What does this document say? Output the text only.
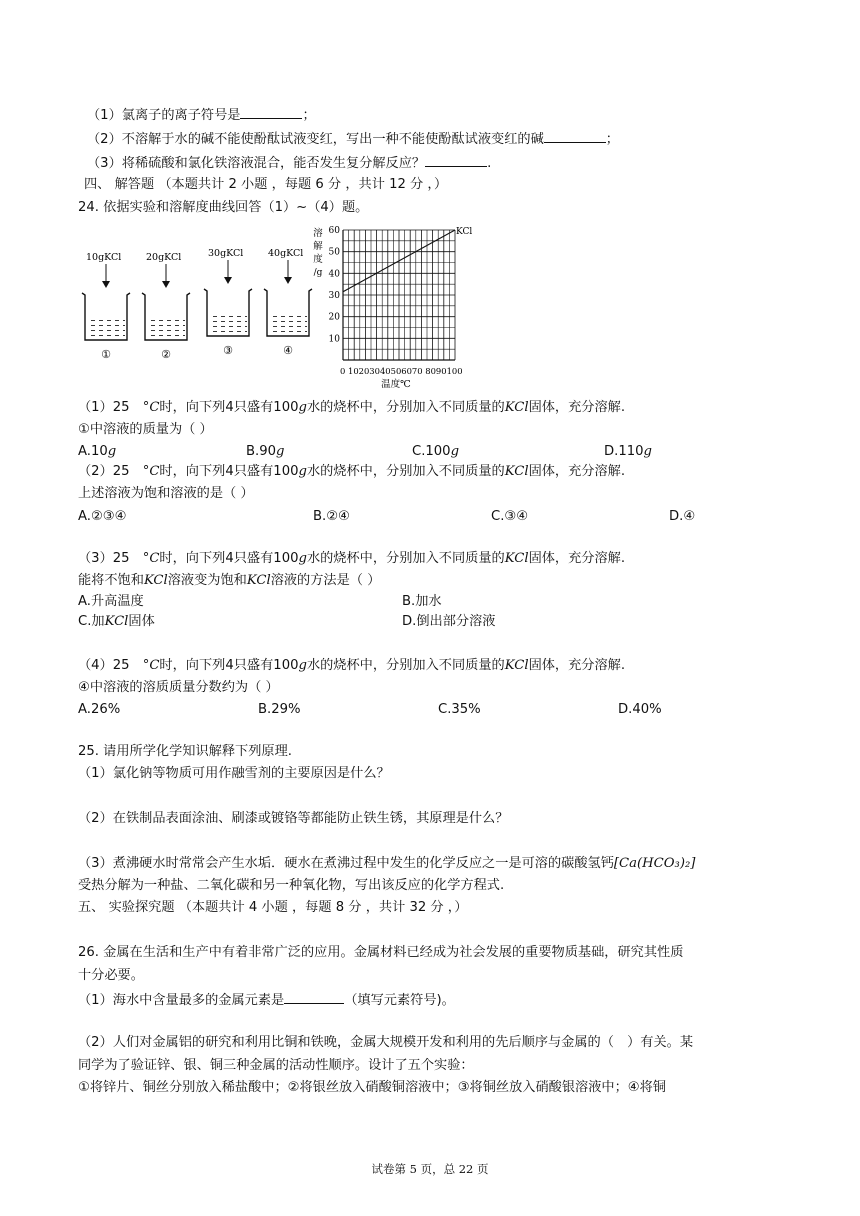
（1）氯离子的离子符号是	；
（2）不溶解于水的碱不能使酚酞试液变红，写出一种不能使酚酞试液变红的碱	；
（3）将稀硫酸和氯化铁溶液混合，能否发生复分解反应？	.
四、 解答题 （本题共计 2 小题 ，每题 6 分 ，共计 12 分 ，）
24. 依据实验和溶解度曲线回答（1）~（4）题。
10gKCl
①
20gKCl
②
30gKCl
③
40gKCl
④
10
20
30
40
50
60	KCl
溶
解
度
/g
0 10203040506070 8090100
温度℃
（1）25　°C时，向下列4只盛有100g水的烧杯中，分别加入不同质量的KCl固体，充分溶解.
①中溶液的质量为（ ）
A.10g	B.90g	C.100g	D.110g
（2）25　°C时，向下列4只盛有100g水的烧杯中，分别加入不同质量的KCl固体，充分溶解.
上述溶液为饱和溶液的是（ ）
A.②③④	B.②④	C.③④	D.④
（3）25　°C时，向下列4只盛有100g水的烧杯中，分别加入不同质量的KCl固体，充分溶解.
能将不饱和KCl溶液变为饱和KCl溶液的方法是（ ）
A.升高温度	B.加水
C.加KCl固体	D.倒出部分溶液
（4）25　°C时，向下列4只盛有100g水的烧杯中，分别加入不同质量的KCl固体，充分溶解.
④中溶液的溶质质量分数约为（ ）
A.26%	B.29%	C.35%	D.40%
25. 请用所学化学知识解释下列原理.
（1）氯化钠等物质可用作融雪剂的主要原因是什么？
（2）在铁制品表面涂油、刷漆或镀铬等都能防止铁生锈，其原理是什么？
（3）煮沸硬水时常常会产生水垢．硬水在煮沸过程中发生的化学反应之一是可溶的碳酸氢钙[Ca(HCO₃)₂]
受热分解为一种盐、二氧化碳和另一种氧化物，写出该反应的化学方程式.
五、 实验探究题 （本题共计 4 小题 ，每题 8 分 ，共计 32 分 ，）
26. 金属在生活和生产中有着非常广泛的应用。金属材料已经成为社会发展的重要物质基础，研究其性质
十分必要。
（1）海水中含量最多的金属元素是	（填写元素符号)。
（2）人们对金属铝的研究和利用比铜和铁晚，金属大规模开发和利用的先后顺序与金属的（　）有关。某
同学为了验证锌、银、铜三种金属的活动性顺序。设计了五个实验：
①将锌片、铜丝分别放入稀盐酸中；②将银丝放入硝酸铜溶液中；③将铜丝放入硝酸银溶液中；④将铜
试卷第 5 页，总 22 页
